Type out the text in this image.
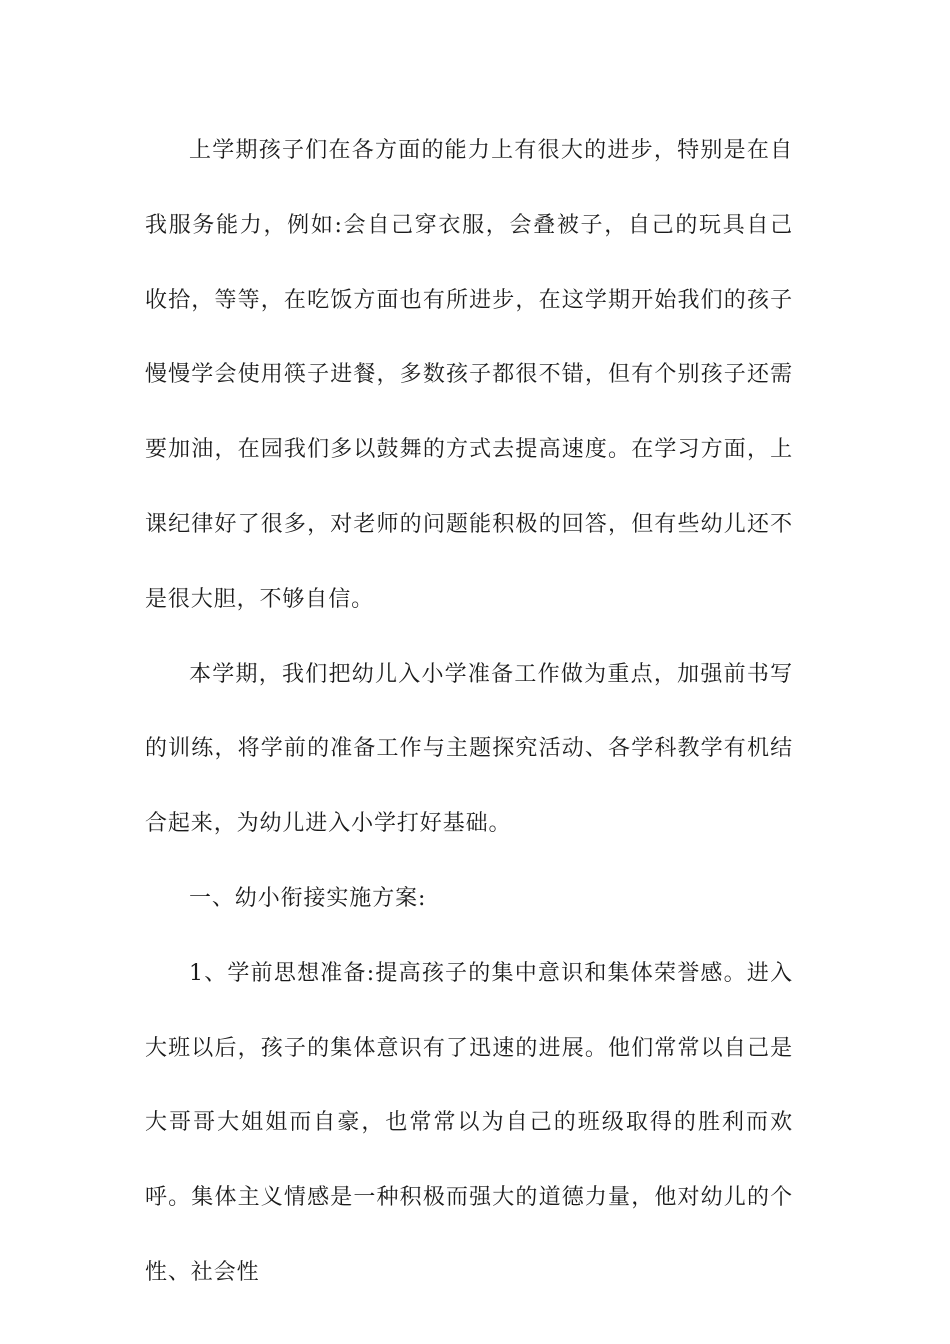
上学期孩子们在各方面的能力上有很大的进步，特别是在自我服务能力，例如:会自己穿衣服，会叠被子，自己的玩具自己收拾，等等，在吃饭方面也有所进步，在这学期开始我们的孩子慢慢学会使用筷子进餐，多数孩子都很不错，但有个别孩子还需要加油，在园我们多以鼓舞的方式去提高速度。在学习方面，上课纪律好了很多，对老师的问题能积极的回答，但有些幼儿还不是很大胆，不够自信。

本学期，我们把幼儿入小学准备工作做为重点，加强前书写的训练，将学前的准备工作与主题探究活动、各学科教学有机结合起来，为幼儿进入小学打好基础。

一、幼小衔接实施方案:

1、学前思想准备:提高孩子的集中意识和集体荣誉感。进入大班以后，孩子的集体意识有了迅速的进展。他们常常以自己是大哥哥大姐姐而自豪，也常常以为自己的班级取得的胜利而欢呼。集体主义情感是一种积极而强大的道德力量，他对幼儿的个性、社会性
